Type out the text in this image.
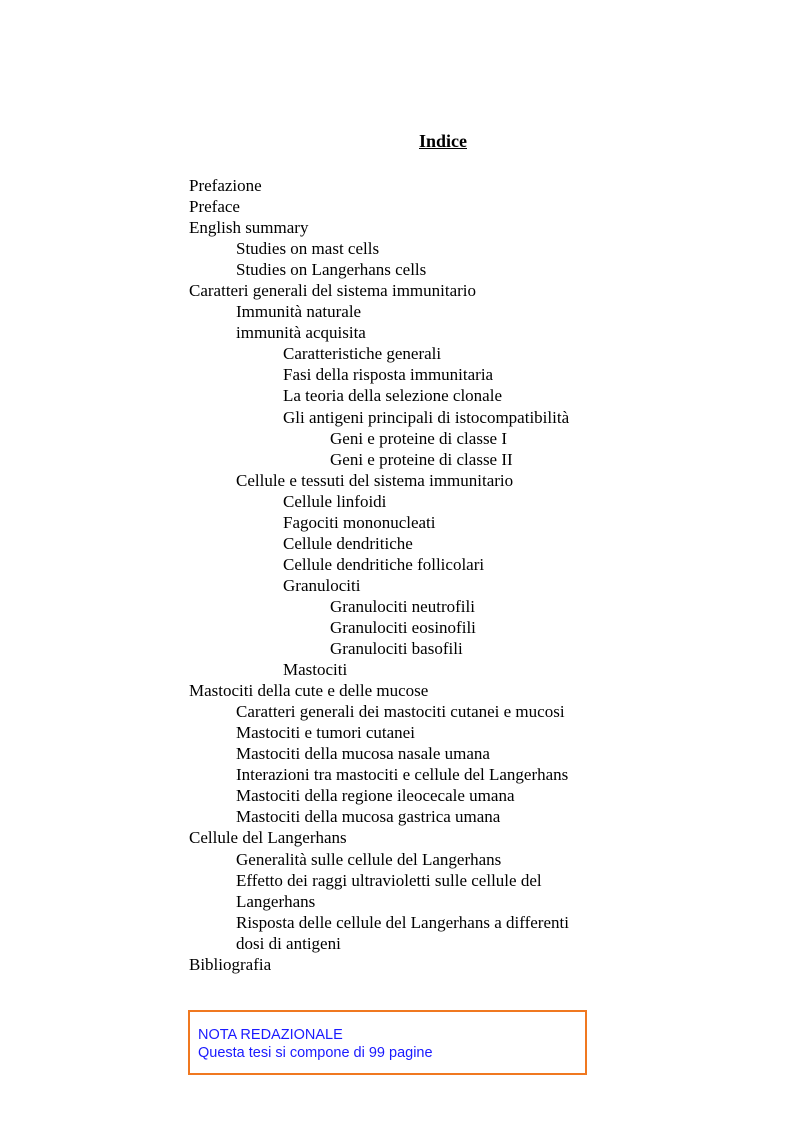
Indice
Prefazione
Preface
English summary
Studies on mast cells
Studies on Langerhans cells
Caratteri generali del sistema immunitario
Immunità naturale
immunità acquisita
Caratteristiche generali
Fasi della risposta immunitaria
La teoria della selezione clonale
Gli antigeni principali di istocompatibilità
Geni e proteine di classe I
Geni e proteine di classe II
Cellule e tessuti del sistema immunitario
Cellule linfoidi
Fagociti mononucleati
Cellule dendritiche
Cellule dendritiche follicolari
Granulociti
Granulociti neutrofili
Granulociti eosinofili
Granulociti basofili
Mastociti
Mastociti della cute e delle mucose
Caratteri generali dei mastociti cutanei e mucosi
Mastociti e tumori cutanei
Mastociti della mucosa nasale umana
Interazioni tra mastociti e cellule del Langerhans
Mastociti della regione ileocecale umana
Mastociti della mucosa gastrica umana
Cellule del Langerhans
Generalità sulle cellule del Langerhans
Effetto dei raggi ultravioletti sulle cellule del
Langerhans
Risposta delle cellule del Langerhans a differenti
dosi di antigeni
Bibliografia
NOTA REDAZIONALE
Questa tesi si compone di 99 pagine
